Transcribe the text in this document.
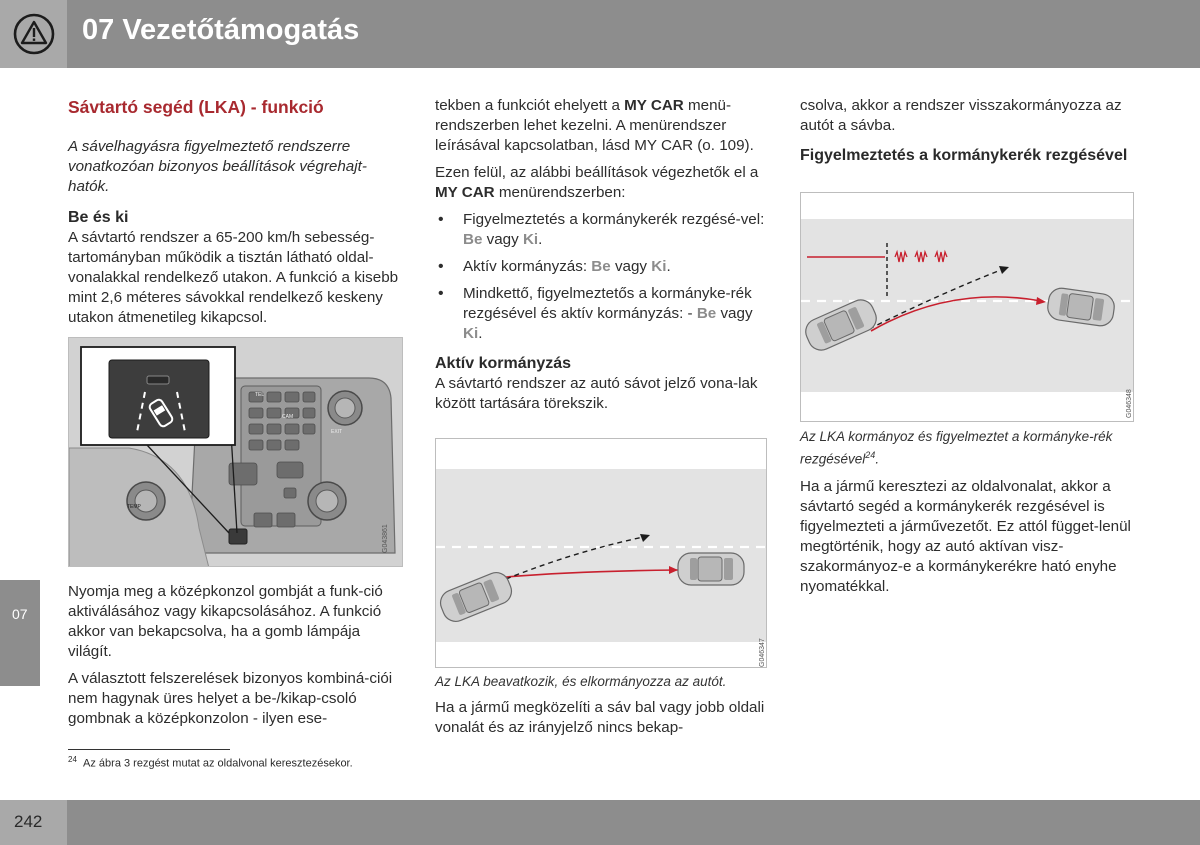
07 Vezetőtámogatás
07

Sávtartó segéd (LKA) - funkció

A sávelhagyásra figyelmeztető rendszerre vonatkozóan bizonyos beállítások végrehajt-hatók.

Be és ki

A sávtartó rendszer a 65-200 km/h sebesség-tartományban működik a tisztán látható oldal-vonalakkal rendelkező utakon. A funkció a kisebb mint 2,6 méteres sávokkal rendelkező keskeny utakon átmenetileg kikapcsol.

G043861
TEL
CAM
EXIT
TEMP

Nyomja meg a középkonzol gombját a funk-ció aktiválásához vagy kikapcsolásához. A funkció akkor van bekapcsolva, ha a gomb lámpája világít.

A választott felszerelések bizonyos kombiná-ciói nem hagynak üres helyet a be-/kikap-csoló gombnak a középkonzolon - ilyen ese-

tekben a funkciót ehelyett a MY CAR menü-rendszerben lehet kezelni. A menürendszer leírásával kapcsolatban, lásd MY CAR (o. 109).

Ezen felül, az alábbi beállítások végezhetők el a MY CAR menürendszerben:

• Figyelmeztetés a kormánykerék rezgésé-vel: Be vagy Ki.
• Aktív kormányzás: Be vagy Ki.
• Mindkettő, figyelmeztetős a kormányke-rék rezgésével és aktív kormányzás: - Be vagy Ki.

Aktív kormányzás

A sávtartó rendszer az autó sávot jelző vona-lak között tartására törekszik.

G046347

Az LKA beavatkozik, és elkormányozza az autót.

Ha a jármű megközelíti a sáv bal vagy jobb oldali vonalát és az irányjelző nincs bekap-

csolva, akkor a rendszer visszakormányozza az autót a sávba.

Figyelmeztetés a kormánykerék rezgésével

G046348

Az LKA kormányoz és figyelmeztet a kormányke-rék rezgésével$^{24}$.

Ha a jármű keresztezi az oldalvonalat, akkor a sávtartó segéd a kormánykerék rezgésével is figyelmezteti a járművezetőt. Ez attól függet-lenül megtörténik, hogy az autó aktívan visz-szakormányoz-e a kormánykerékre ható enyhe nyomatékkal.

$^{24}$ Az ábra 3 rezgést mutat az oldalvonal keresztezésekor.
242
